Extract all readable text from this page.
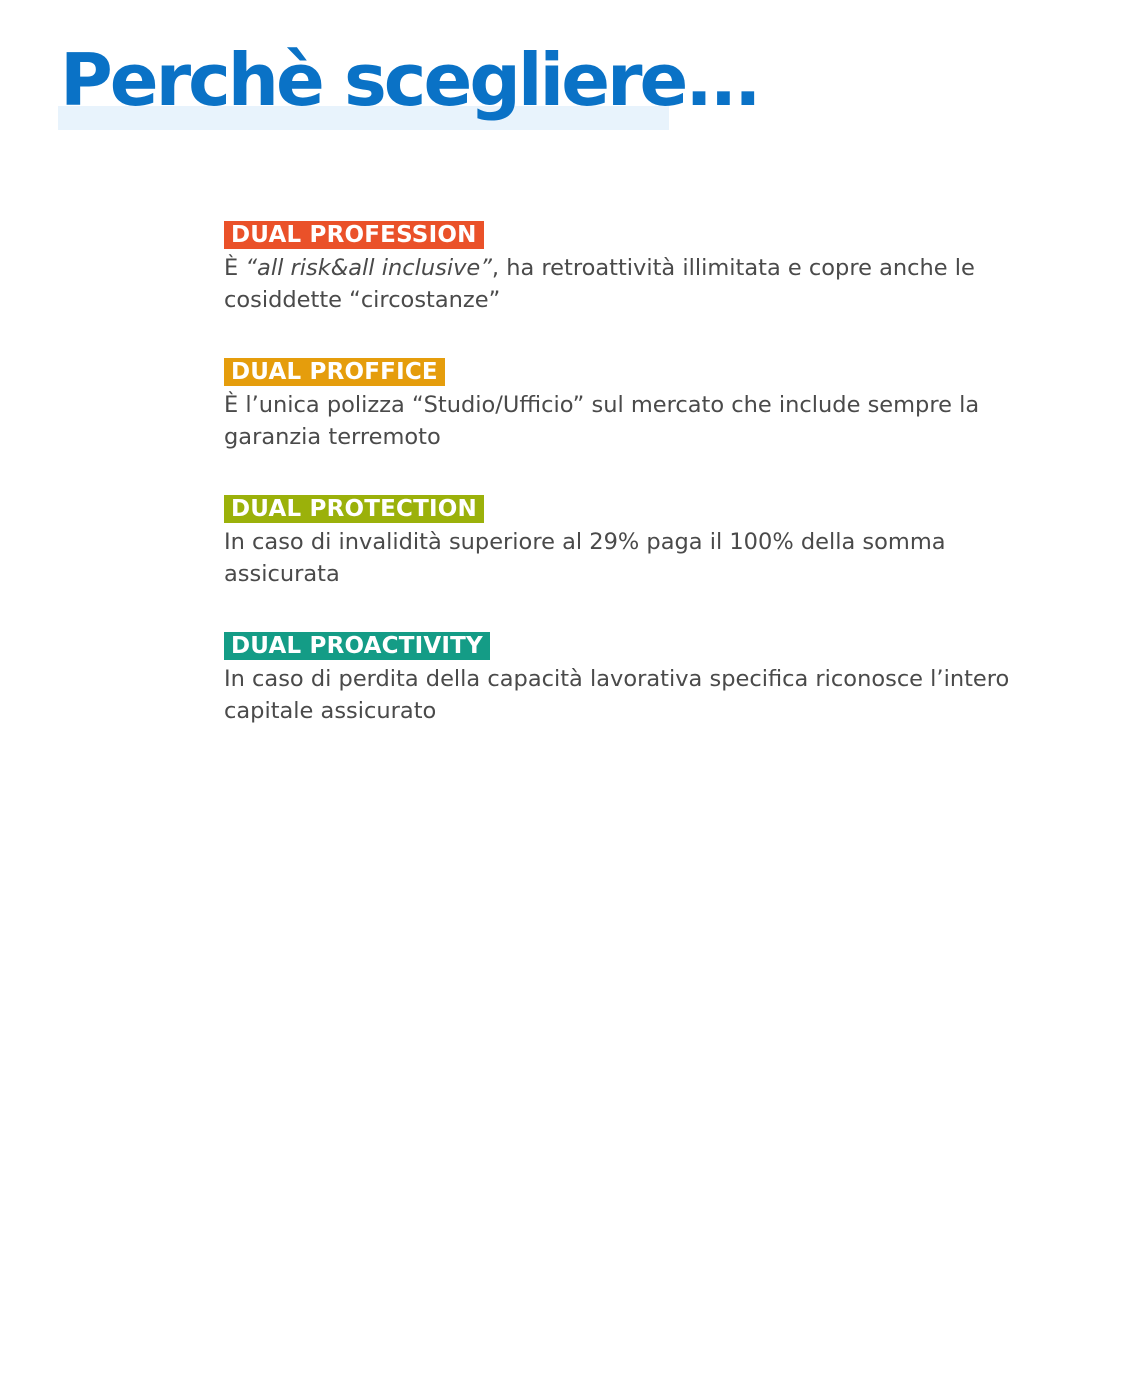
Perchè scegliere...
DUAL PROFESSION

È “all risk&all inclusive”, ha retroattività illimitata e copre anche le cosiddette “circostanze”

DUAL PROFFICE

È l’unica polizza “Studio/Ufficio” sul mercato che include sempre la garanzia terremoto

DUAL PROTECTION

In caso di invalidità superiore al 29% paga il 100% della somma assicurata

DUAL PROACTIVITY

In caso di perdita della capacità lavorativa specifica riconosce l’intero capitale assicurato
